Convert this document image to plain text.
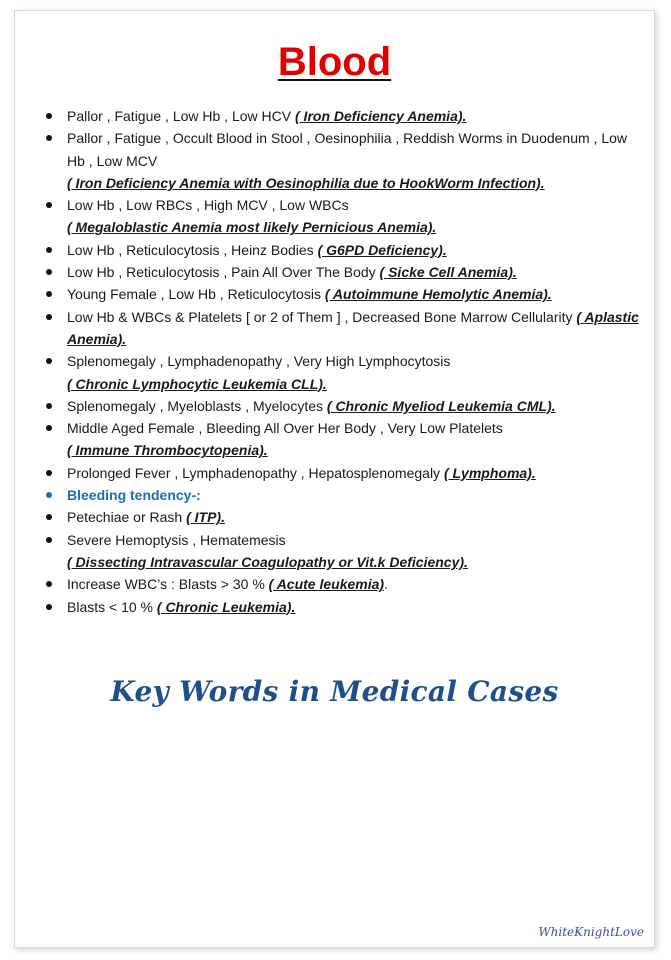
Blood
Pallor , Fatigue , Low Hb , Low HCV ( Iron Deficiency Anemia).
Pallor , Fatigue , Occult Blood in Stool , Oesinophilia , Reddish Worms in Duodenum , Low Hb , Low MCV
( Iron Deficiency Anemia with Oesinophilia due to HookWorm Infection).
Low Hb , Low RBCs , High MCV , Low WBCs
( Megaloblastic Anemia most likely Pernicious Anemia).
Low Hb , Reticulocytosis , Heinz Bodies ( G6PD Deficiency).
Low Hb , Reticulocytosis , Pain All Over The Body ( Sicke Cell Anemia).
Young Female , Low Hb , Reticulocytosis ( Autoimmune Hemolytic Anemia).
Low Hb & WBCs & Platelets [ or 2 of Them ] , Decreased Bone Marrow Cellularity ( Aplastic Anemia).
Splenomegaly , Lymphadenopathy , Very High Lymphocytosis
( Chronic Lymphocytic Leukemia CLL).
Splenomegaly , Myeloblasts , Myelocytes ( Chronic Myeliod Leukemia CML).
Middle Aged Female , Bleeding All Over Her Body , Very Low Platelets
( Immune Thrombocytopenia).
Prolonged Fever , Lymphadenopathy , Hepatosplenomegaly ( Lymphoma).
Bleeding tendency-:
Petechiae or Rash ( ITP).
Severe Hemoptysis , Hematemesis
( Dissecting Intravascular Coagulopathy or Vit.k Deficiency).
Increase WBC’s : Blasts > 30 % ( Acute leukemia).
Blasts < 10 % ( Chronic Leukemia).
Key Words in Medical Cases
WhiteKnightLove
